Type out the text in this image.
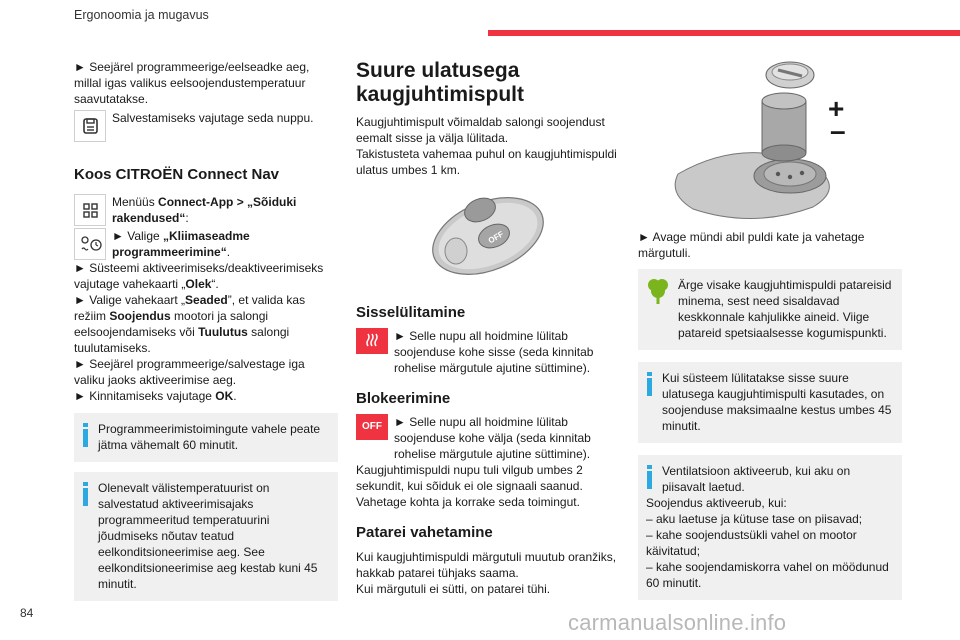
Ergonoomia ja mugavus

► Seejärel programmeerige/eelseadke aeg, millal igas valikus eelsoojendustemperatuur saavutatakse.

Salvestamiseks vajutage seda nuppu.
Koos CITROËN Connect Nav
Menüüs Connect-App > „Sõiduki rakendused“:
► Valige „Kliimaseadme programmeerimine“.

► Süsteemi aktiveerimiseks/deaktiveerimiseks vajutage vahekaarti „Olek“.

► Valige vahekaart „Seaded”, et valida kas režiim Soojendus mootori ja salongi eelsoojendamiseks või Tuulutus salongi tuulutamiseks.

► Seejärel programmeerige/salvestage iga valiku jaoks aktiveerimise aeg.

► Kinnitamiseks vajutage OK.

Programmeerimistoimingute vahele peate jätma vähemalt 60 minutit.
Olenevalt välistemperatuurist on salvestatud aktiveerimisajaks programmeeritud temperatuurini jõudmiseks nõutav teatud eelkonditsioneerimise aeg. See eelkonditsioneerimise aeg kestab kuni 45 minutit.
Suure ulatusega kaugjuhtimispult

Kaugjuhtimispult võimaldab salongi soojendust eemalt sisse ja välja lülitada.

Takistusteta vahemaa puhul on kaugjuhtimispuldi ulatus umbes 1 km.

OFF
Sisselülitamine
► Selle nupu all hoidmine lülitab soojenduse kohe sisse (seda kinnitab rohelise märgutule ajutine süttimine).
Blokeerimine
OFF	► Selle nupu all hoidmine lülitab soojenduse kohe välja (seda kinnitab rohelise märgutule ajutine süttimine).

Kaugjuhtimispuldi nupu tuli vilgub umbes 2 sekundit, kui sõiduk ei ole signaali saanud. Vahetage kohta ja korrake seda toimingut.

Patarei vahetamine

Kui kaugjuhtimispuldi märgutuli muutub oranžiks, hakkab patarei tühjaks saama.

Kui märgutuli ei sütti, on patarei tühi.

+
–

► Avage mündi abil puldi kate ja vahetage märgutuli.

Ärge visake kaugjuhtimispuldi patareisid minema, sest need sisaldavad keskkonnale kahjulikke aineid. Viige patareid spetsiaalsesse kogumispunkti.
Kui süsteem lülitatakse sisse suure ulatusega kaugjuhtimispulti kasutades, on soojenduse maksimaalne kestus umbes 45 minutit.
Ventilatsioon aktiveerub, kui aku on piisavalt laetud.
Soojendus aktiveerub, kui:
– aku laetuse ja kütuse tase on piisavad;
– kahe soojendustsükli vahel on mootor käivitatud;
– kahe soojendamiskorra vahel on möödunud 60 minutit.
84	carmanualsonline.info
